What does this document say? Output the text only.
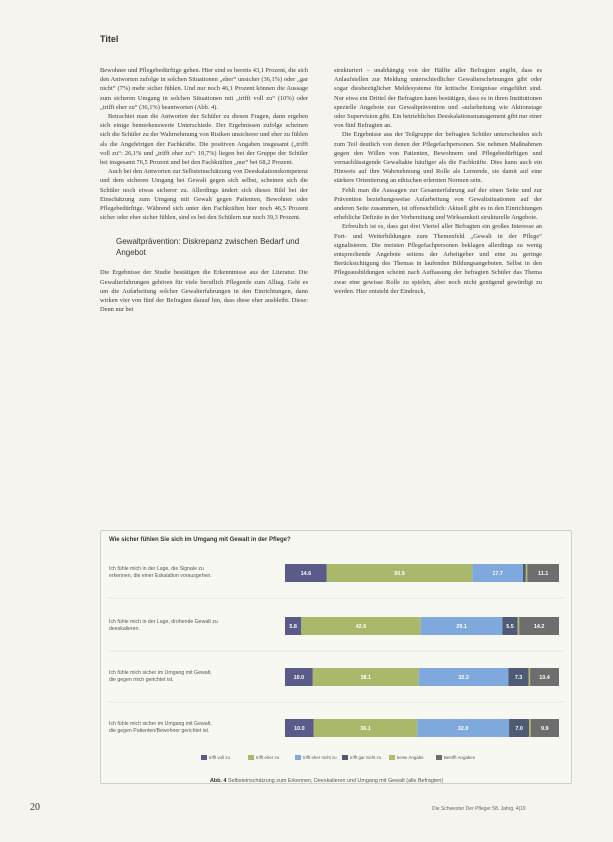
Titel

Bewohner und Pflegebedürftige gehen. Hier sind es bereits 43,1 Prozent, die sich den Antworten zufolge in solchen Situationen „eher“ unsicher (36,1%) oder „gar nicht“ (7%) mehr sicher fühlen. Und nur noch 46,1 Prozent können die Aussage zum sicheren Umgang in solchen Situationen mit „trifft voll zu“ (10%) oder „trifft eher zu“ (36,1%) beantworten (Abb. 4).

Betrachtet man die Antworten der Schüler zu diesen Fragen, dann ergeben sich einige bemerkenswerte Unterschiede. Der Ergebnissen zufolge scheinen sich die Schüler zu der Wahrnehmung von Risiken unsicherer und eher zu fühlen als die Angehörigen der Fachkräfte. Die positiven Angaben insgesamt („trifft voll zu“: 26,1% und „trifft eher zu“: 10,7%) liegen bei der Gruppe der Schüler bei insgesamt 76,5 Prozent und bei den Fachkräften „nur“ bei 68,2 Prozent.

Auch bei den Antworten zur Selbsteinschätzung von Deeskalationskompetenz und dem sicheren Umgang bei Gewalt gegen sich selbst, scheinen sich die Schüler noch etwas sicherer zu. Allerdings ändert sich dieses Bild bei der Einschätzung zum Umgang mit Gewalt gegen Patienten, Bewohner oder Pflegebedürftige. Während sich unter den Fachkräften hier noch 46,5 Prozent sicher oder eher sicher fühlen, sind es bei den Schülern nur noch 39,3 Prozent.

Gewaltprävention: Diskrepanz zwischen Bedarf und Angebot

Die Ergebnisse der Studie bestätigen die Erkenntnisse aus der Literatur. Die Gewalterfahrungen gehören für viele beruflich Pflegende zum Alltag. Geht es um die Aufarbeitung solcher Gewalterfahrungen in den Einrichtungen, dann wirken vier von fünf der Befragten darauf hin, dass diese eher ausbleibt. Diese: Denn nur bei

strukturiert – unabhängig von der Hälfte aller Befragten angibt, dass es Anlaufstellen zur Meldung unterschiedlicher Gewalterscheinungen gibt oder sogar diesbezüglicher Meldesysteme für kritische Ereignisse eingeführt sind. Nur etwa ein Drittel der Befragten kann bestätigen, dass es in ihren Institutionen spezielle Angebote zur Gewaltprävention und -aufarbeitung wie Aktionstage oder Supervision gibt. Ein betriebliches Deeskalationsmanagement gibt nur einer von fünf Befragten an.

Die Ergebnisse aus der Teilgruppe der befragten Schüler unterscheiden sich zum Teil deutlich von denen der Pflegefachpersonen. Sie nehmen Maßnahmen gegen den Willen von Patienten, Bewohnern und Pflegebedürftigen und vernachlässigende Gewaltakte häufiger als die Fachkräfte. Dies kann auch ein Hinweis auf ihre Wahrnehmung und Rolle als Lernende, sie damit auf eine stärkere Orientierung an ethischen erlernten Normen sein.

Fehlt man die Aussagen zur Gesamterfahrung auf der einen Seite und zur Prävention beziehungsweise Aufarbeitung von Gewaltsituationen auf der anderen Seite zusammen, ist offensichtlich: Aktuell gibt es in den Einrichtungen erhebliche Defizite in der Vorbereitung und Wirksamkeit strukturelle Angebote.

Erfreulich ist es, dass gut drei Viertel aller Befragten ein großes Interesse an Fort- und Weiterbildungen zum Themenfeld „Gewalt in der Pflege“ signalisieren. Die meisten Pflegefachpersonen beklagen allerdings zu wenig entsprechende Angebote seitens der Arbeitgeber und eine zu geringe Berücksichtigung des Themas in laufenden Bildungsangeboten. Selbst in den Pflegeausbildungen scheint nach Auffassung der befragten Schüler das Thema zwar eine gewisse Rolle zu spielen, aber noch nicht genügend gewürdigt zu werden. Hier entsteht der Eindruck,

Wie sicher fühlen Sie sich im Umgang mit Gewalt in der Pflege?
Ich fühle mich in der Lage, die Signale zu
erkennen, die einer Eskalation vorausgehen.	14.6	50.9	17.7	11.1
Ich fühle mich in der Lage, drohende Gewalt zu
deeskalieren.	5.8	42.6	29.1	5.5	14.2
Ich fühle mich sicher im Umgang mit Gewalt,
die gegen mich gerichtet ist.	10.0	38.1	32.3	7.3	10.4
Ich fühle mich sicher im Umgang mit Gewalt,
die gegen Patienten/Bewohner gerichtet ist.	10.0	36.1	32.0	7.0	9.9
trifft voll zu	trifft eher zu	trifft eher nicht zu	trifft gar nicht zu	keine Angabe	Betrifft Angaben
Abb. 4 Selbsteinschätzung zum Erkennen, Deeskalieren und Umgang mit Gewalt (alle Befragten)
20	Die Schwester Der Pfleger 58. Jahrg. 4|19
